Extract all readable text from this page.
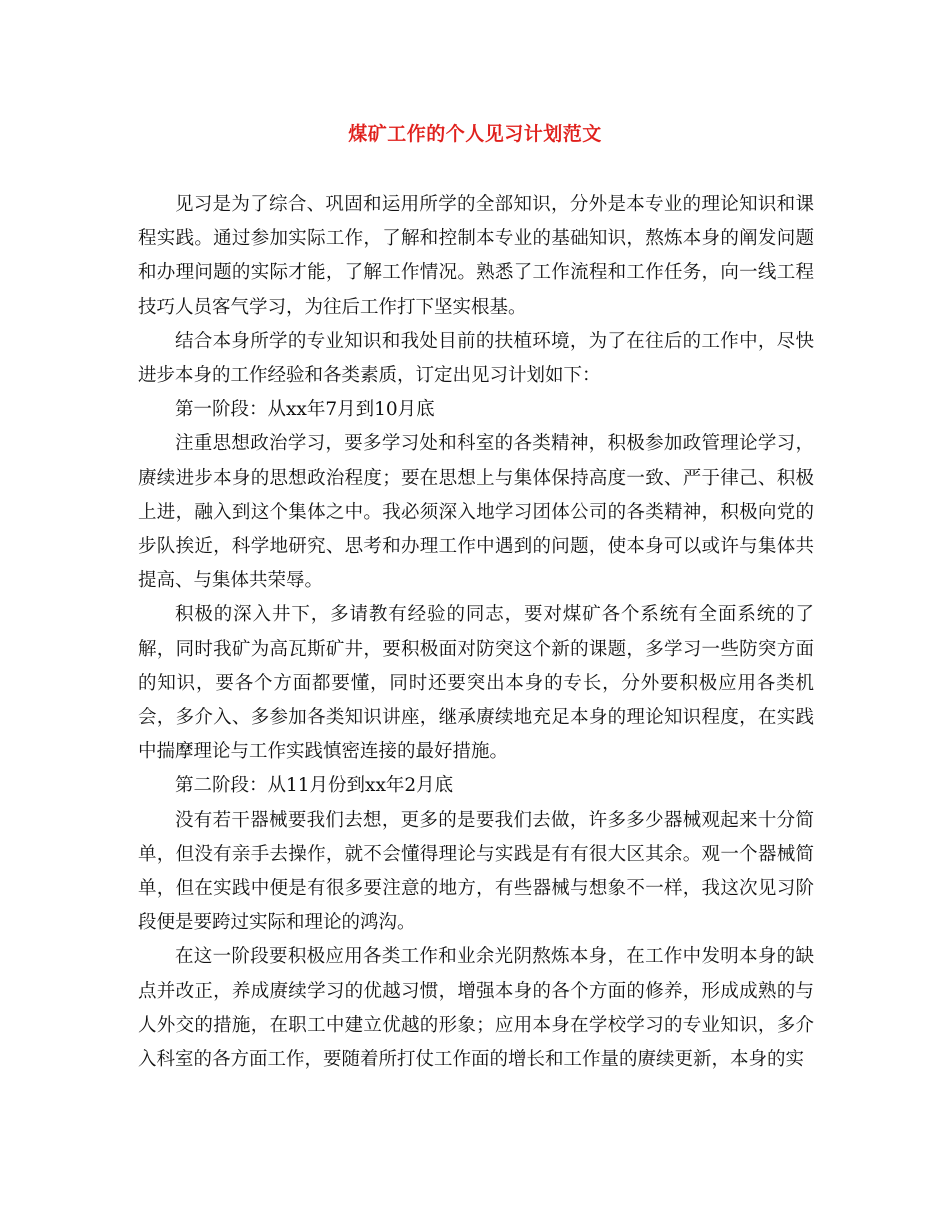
煤矿工作的个人见习计划范文

见习是为了综合、巩固和运用所学的全部知识，分外是本专业的理论知识和课程实践。通过参加实际工作，了解和控制本专业的基础知识，熬炼本身的阐发问题和办理问题的实际才能，了解工作情况。熟悉了工作流程和工作任务，向一线工程技巧人员客气学习，为往后工作打下坚实根基。

结合本身所学的专业知识和我处目前的扶植环境，为了在往后的工作中，尽快进步本身的工作经验和各类素质，订定出见习计划如下：

第一阶段：从xx年7月到10月底

注重思想政治学习，要多学习处和科室的各类精神，积极参加政管理论学习，赓续进步本身的思想政治程度；要在思想上与集体保持高度一致、严于律己、积极上进，融入到这个集体之中。我必须深入地学习团体公司的各类精神，积极向党的步队挨近，科学地研究、思考和办理工作中遇到的问题，使本身可以或许与集体共提高、与集体共荣辱。

积极的深入井下，多请教有经验的同志，要对煤矿各个系统有全面系统的了解，同时我矿为高瓦斯矿井，要积极面对防突这个新的课题，多学习一些防突方面的知识，要各个方面都要懂，同时还要突出本身的专长，分外要积极应用各类机会，多介入、多参加各类知识讲座，继承赓续地充足本身的理论知识程度，在实践中揣摩理论与工作实践慎密连接的最好措施。

第二阶段：从11月份到xx年2月底

没有若干器械要我们去想，更多的是要我们去做，许多多少器械观起来十分简单，但没有亲手去操作，就不会懂得理论与实践是有有很大区其余。观一个器械简单，但在实践中便是有很多要注意的地方，有些器械与想象不一样，我这次见习阶段便是要跨过实际和理论的鸿沟。

在这一阶段要积极应用各类工作和业余光阴熬炼本身，在工作中发明本身的缺点并改正，养成赓续学习的优越习惯，增强本身的各个方面的修养，形成成熟的与人外交的措施，在职工中建立优越的形象；应用本身在学校学习的专业知识，多介入科室的各方面工作，要随着所打仗工作面的增长和工作量的赓续更新，本身的实
